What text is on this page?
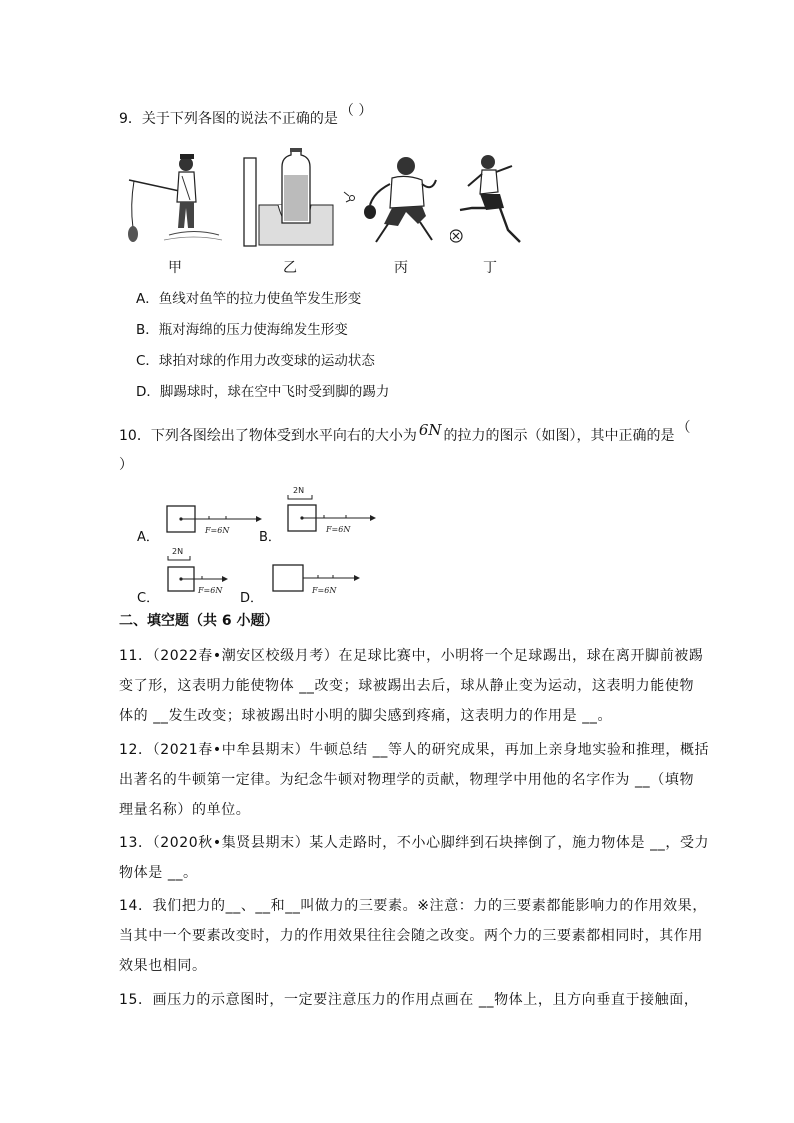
9．关于下列各图的说法不正确的是 （ ）
甲	乙	丙	丁
A．鱼线对鱼竿的拉力使鱼竿发生形变
B．瓶对海绵的压力使海绵发生形变
C．球拍对球的作用力改变球的运动状态
D．脚踢球时，球在空中飞时受到脚的踢力
10．下列各图绘出了物体受到水平向右的大小为 6N 的拉力的图示（如图），其中正确的是 （
）
A．	F=6N B．
2N
F=6N
C．
2N
F=6N
D．
F=6N
二、填空题（共 6 小题）
11．（2022春•潮安区校级月考）在足球比赛中，小明将一个足球踢出，球在离开脚前被踢
变了形，这表明力能使物体 __改变；球被踢出去后，球从静止变为运动，这表明力能使物
体的 __发生改变；球被踢出时小明的脚尖感到疼痛，这表明力的作用是 __。
12．（2021春•中牟县期末）牛顿总结 __等人的研究成果，再加上亲身地实验和推理，概括
出著名的牛顿第一定律。为纪念牛顿对物理学的贡献，物理学中用他的名字作为 __（填物
理量名称）的单位。
13．（2020秋•集贤县期末）某人走路时，不小心脚绊到石块摔倒了，施力物体是 __，受力
物体是 __。
14．我们把力的__、__和__叫做力的三要素。※注意：力的三要素都能影响力的作用效果，
当其中一个要素改变时，力的作用效果往往会随之改变。两个力的三要素都相同时，其作用
效果也相同。
15．画压力的示意图时，一定要注意压力的作用点画在 __物体上，且方向垂直于接触面，
